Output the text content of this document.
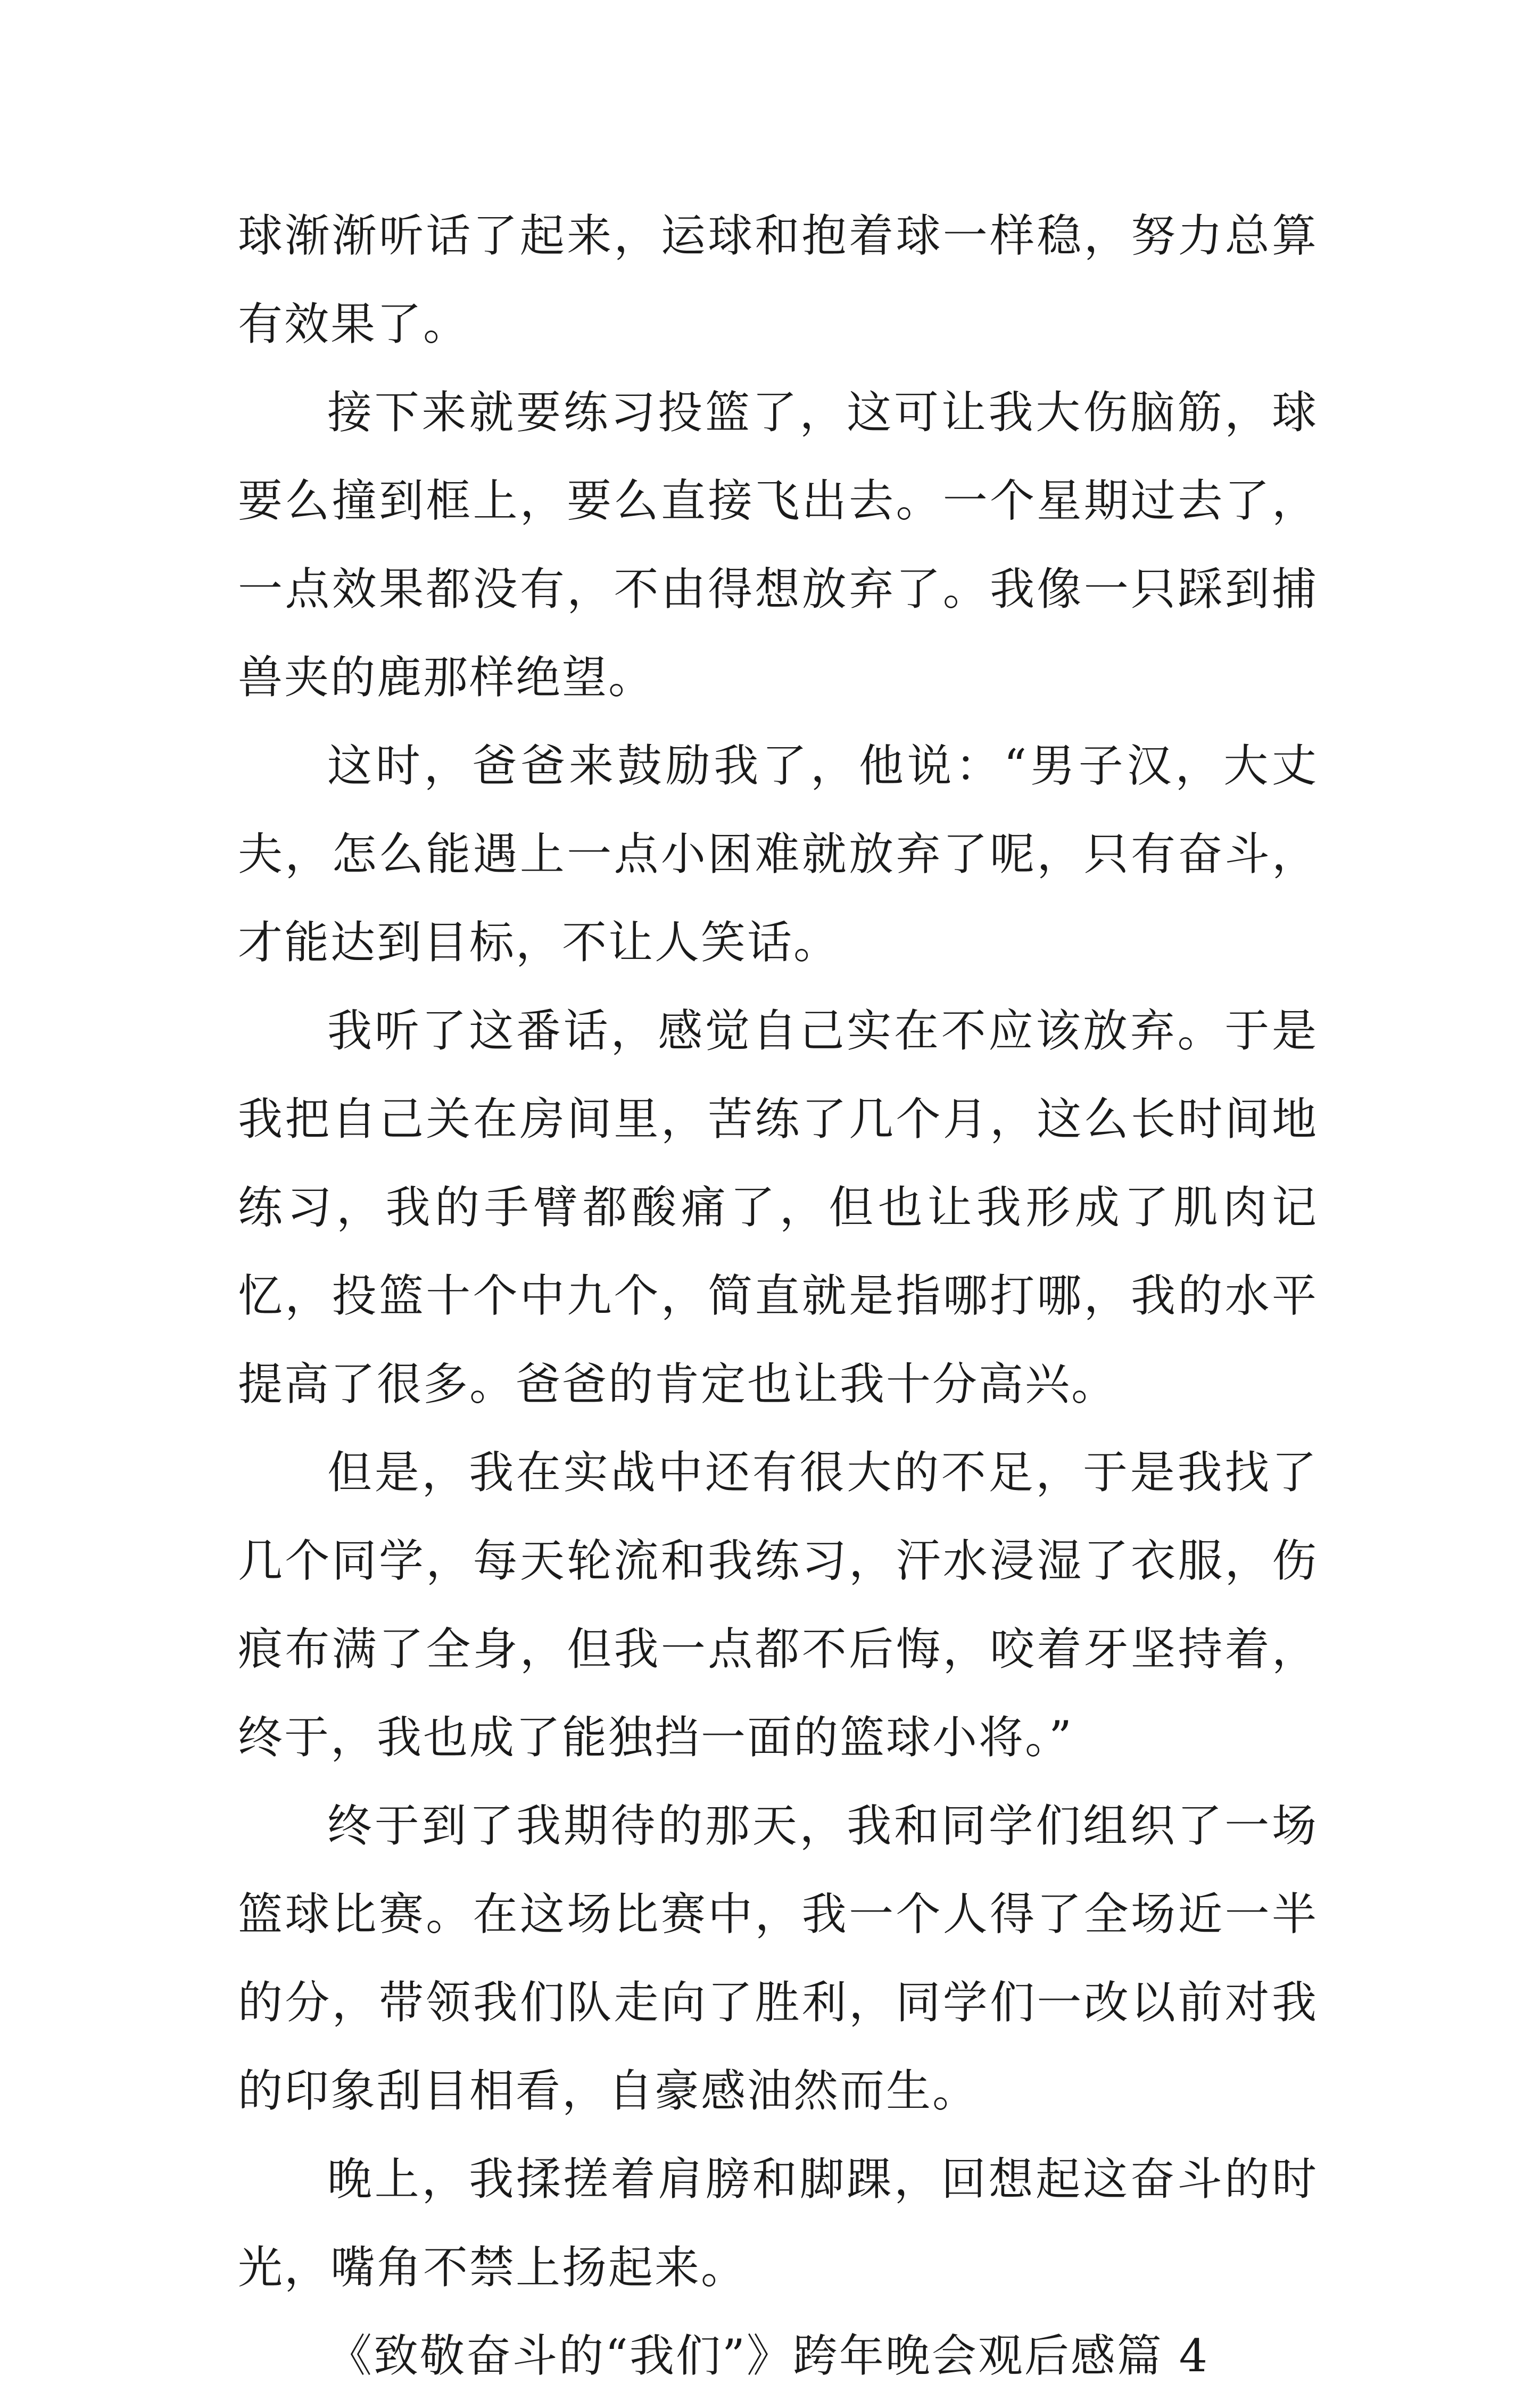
球渐渐听话了起来，运球和抱着球一样稳，努力总算有效果了。

接下来就要练习投篮了，这可让我大伤脑筋，球要么撞到框上，要么直接飞出去。一个星期过去了，一点效果都没有，不由得想放弃了。我像一只踩到捕兽夹的鹿那样绝望。

这时，爸爸来鼓励我了，他说：“男子汉，大丈夫，怎么能遇上一点小困难就放弃了呢，只有奋斗，才能达到目标，不让人笑话。

我听了这番话，感觉自己实在不应该放弃。于是我把自己关在房间里，苦练了几个月，这么长时间地练习，我的手臂都酸痛了，但也让我形成了肌肉记忆，投篮十个中九个，简直就是指哪打哪，我的水平提高了很多。爸爸的肯定也让我十分高兴。

但是，我在实战中还有很大的不足，于是我找了几个同学，每天轮流和我练习，汗水浸湿了衣服，伤痕布满了全身，但我一点都不后悔，咬着牙坚持着，终于，我也成了能独挡一面的篮球小将。”

终于到了我期待的那天，我和同学们组织了一场篮球比赛。在这场比赛中，我一个人得了全场近一半的分，带领我们队走向了胜利，同学们一改以前对我的印象刮目相看，自豪感油然而生。

晚上，我揉搓着肩膀和脚踝，回想起这奋斗的时光，嘴角不禁上扬起来。

《致敬奋斗的“我们”》跨年晚会观后感篇 4
